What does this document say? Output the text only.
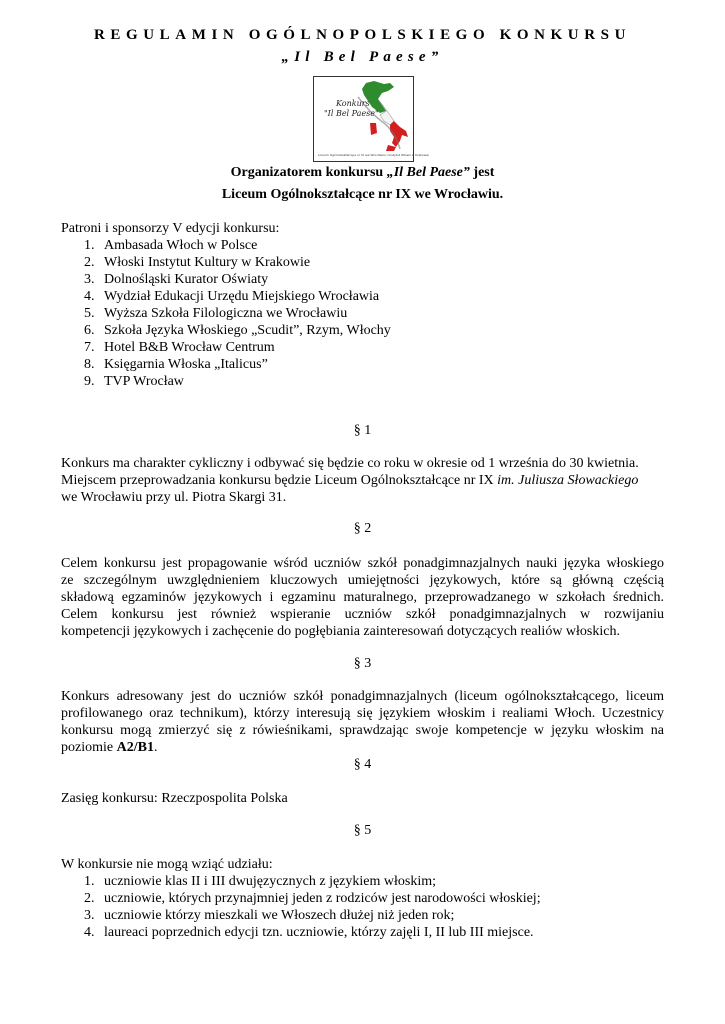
REGULAMIN OGÓLNOPOLSKIEGO KONKURSU
„Il Bel Paese”
Konkurs
"Il Bel Paese"
Liceum Ogólnokształcące nr IX we Wrocławiu i Instytut Włoski w Krakowie
Organizatorem konkursu „Il Bel Paese” jest
Liceum Ogólnokształcące nr IX we Wrocławiu.
Patroni i sponsorzy V edycji konkursu:
1. Ambasada Włoch w Polsce
2. Włoski Instytut Kultury w Krakowie
3. Dolnośląski Kurator Oświaty
4. Wydział Edukacji Urzędu Miejskiego Wrocławia
5. Wyższa Szkoła Filologiczna we Wrocławiu
6. Szkoła Języka Włoskiego „Scudit”, Rzym, Włochy
7. Hotel B&B Wrocław Centrum
8. Księgarnia Włoska „Italicus”
9. TVP Wrocław
§ 1
Konkurs ma charakter cykliczny i odbywać się będzie co roku w okresie od 1 września do 30 kwietnia.
Miejscem przeprowadzania konkursu będzie Liceum Ogólnokształcące nr IX im. Juliusza Słowackiego
we Wrocławiu przy ul. Piotra Skargi 31.
§ 2
Celem konkursu jest propagowanie wśród uczniów szkół ponadgimnazjalnych nauki języka włoskiego
ze szczególnym uwzględnieniem kluczowych umiejętności językowych, które są główną częścią
składową egzaminów językowych i egzaminu maturalnego, przeprowadzanego w szkołach średnich.
Celem konkursu jest również wspieranie uczniów szkół ponadgimnazjalnych w rozwijaniu
kompetencji językowych i zachęcenie do pogłębiania zainteresowań dotyczących realiów włoskich.
§ 3
Konkurs adresowany jest do uczniów szkół ponadgimnazjalnych (liceum ogólnokształcącego, liceum
profilowanego oraz technikum), którzy interesują się językiem włoskim i realiami Włoch. Uczestnicy
konkursu mogą zmierzyć się z rówieśnikami, sprawdzając swoje kompetencje w języku włoskim na
poziomie A2/B1.
§ 4
Zasięg konkursu: Rzeczpospolita Polska
§ 5
W konkursie nie mogą wziąć udziału:
1. uczniowie klas II i III dwujęzycznych z językiem włoskim;
2. uczniowie, których przynajmniej jeden z rodziców jest narodowości włoskiej;
3. uczniowie którzy mieszkali we Włoszech dłużej niż jeden rok;
4. laureaci poprzednich edycji tzn. uczniowie, którzy zajęli I, II lub III miejsce.
